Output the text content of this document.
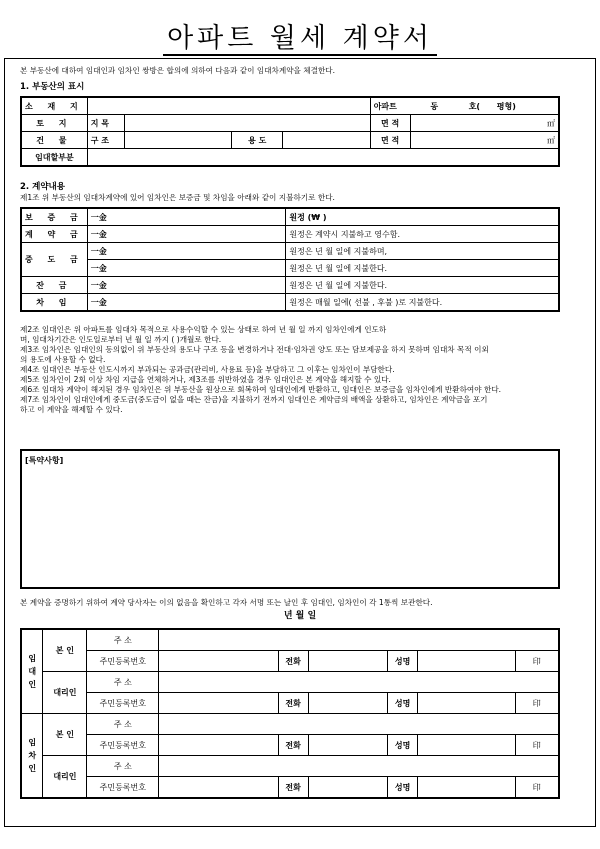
아파트 월세 계약서
본 부동산에 대하여 임대인과 임차인 쌍방은 합의에 의하여 다음과 같이 임대차계약을 체결한다.
1. 부동산의 표시
소 재 지					아파트 동 호( 평형)	
토 지	지 목				면 적	㎡
건 물	구 조		용 도		면 적	㎡
임대할부분						
2. 계약내용
제1조 위 부동산의 임대차계약에 있어 임차인은 보증금 및 차임을 아래와 같이 지불하기로 한다.
보 증 금	一金	원정 (₩ )
계 약 금	一金	원정은 계약시 지불하고 영수함.
중 도 금	一金	원정은 년 월 일에 지불하며,
	一金	원정은 년 월 일에 지불한다.
잔 금	一金	원정은 년 월 일에 지불한다.
차 임	一金	원정은 매월 일에( 선불 , 후불 )로 지불한다.
제2조 임대인은 위 아파트를 임대차 목적으로 사용수익할 수 있는 상태로 하여 년 월 일 까지 임차인에게 인도하
며, 임대차기간은 인도일로부터 년 월 일 까지 ( )개월로 한다.
제3조 임차인은 임대인의 동의없이 위 부동산의 용도나 구조 등을 변경하거나 전대·임차권 양도 또는 담보제공을 하지 못하며 임대차 목적 이외
의 용도에 사용할 수 없다.
제4조 임대인은 부동산 인도시까지 부과되는 공과금(관리비, 사용료 등)을 부담하고 그 이후는 임차인이 부담한다.
제5조 임차인이 2회 이상 차임 지급을 연체하거나, 제3조를 위반하였을 경우 임대인은 본 계약을 해지할 수 있다.
제6조 임대차 계약이 해지된 경우 임차인은 위 부동산을 원상으로 회복하여 임대인에게 반환하고, 임대인은 보증금을 임차인에게 반환하여야 한다.
제7조 임차인이 임대인에게 중도금(중도금이 없을 때는 잔금)을 지불하기 전까지 임대인은 계약금의 배액을 상환하고, 임차인은 계약금을 포기
하고 이 계약을 해제할 수 있다.
[특약사항]
본 계약을 증명하기 위하여 계약 당사자는 이의 없음을 확인하고 각자 서명 또는 날인 후 임대인, 임차인이 각 1통씩 보관한다.
년 월 일
임
대
인	본 인	주 소						
		주민등록번호		전화		성명		印
	대리인	주 소						
		주민등록번호		전화		성명		印
임
차
인	본 인	주 소						
		주민등록번호		전화		성명		印
	대리인	주 소						
		주민등록번호		전화		성명		印
